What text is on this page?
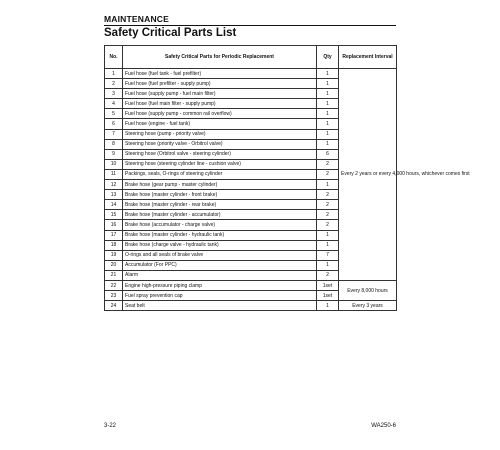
MAINTENANCE
Safety Critical Parts List
No.	Safety Critical Parts for Periodic Replacement	Qty	Replacement Interval
1	Fuel hose (fuel tank - fuel prefilter)	1	Every 2 years or every 4,000 hours, whichever comes first
2	Fuel hose (fuel prefilter - supply pump)	1	
3	Fuel hose (supply pump - fuel main filter)	1	
4	Fuel hose (fuel main filter - supply pump)	1	
5	Fuel hose (supply pump - common rail overflow)	1	
6	Fuel hose (engine - fuel tank)	1	
7	Steering hose (pump - priority valve)	1	
8	Steering hose (priority valve - Orbitrol valve)	1	
9	Steering hose (Orbitrol valve - steering cylinder)	6	
10	Steering hose (steering cylinder line - cushion valve)	2	
11	Packings, seals, O-rings of steering cylinder	2	
12	Brake hose (gear pump - master cylinder)	1	
13	Brake hose (master cylinder - front brake)	2	
14	Brake hose (master cylinder - rear brake)	2	
15	Brake hose (master cylinder - accumulator)	2	
16	Brake hose (accumulator - charge valve)	2	
17	Brake hose (master cylinder - hydraulic tank)	1	
18	Brake hose (charge valve - hydraulic tank)	1	
19	O-rings and all seals of brake valve	7	
20	Accumulator (For PPC)	1	
21	Alarm	2	
22	Engine high-pressure piping clamp	1set	Every 8,000 hours
23	Fuel spray prevention cap	1set	
24	Seat belt	1	Every 3 years
3-22	WA250-6
